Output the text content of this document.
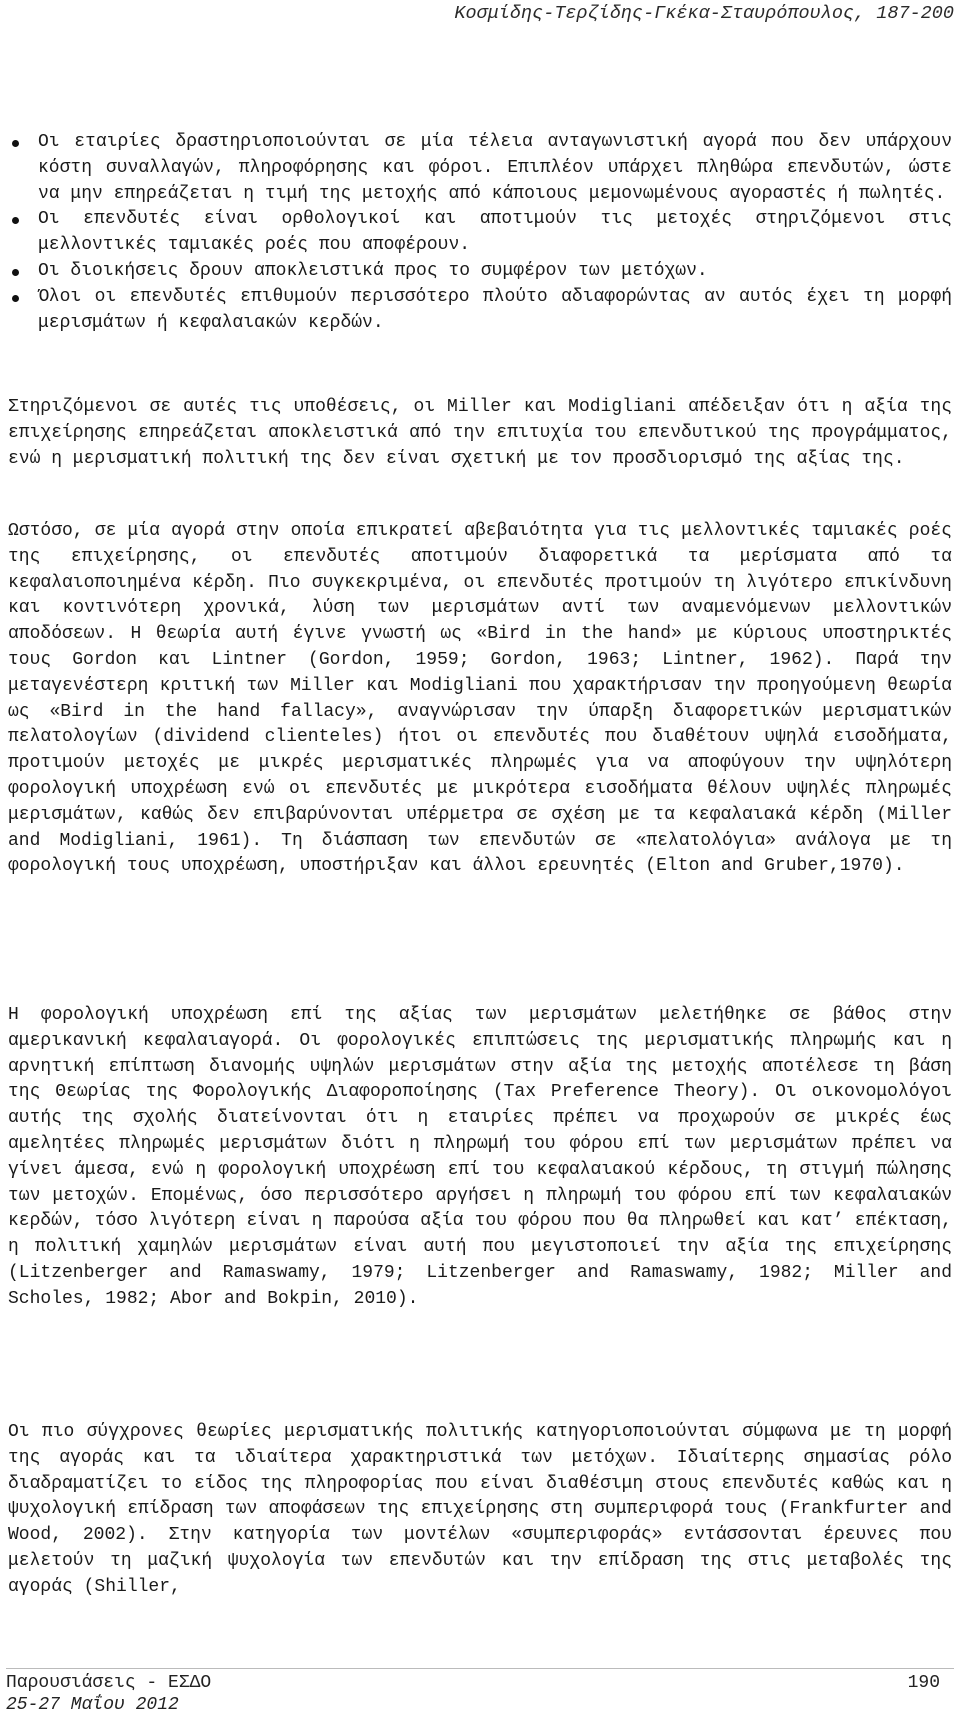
Κοσμίδης-Τερζίδης-Γκέκα-Σταυρόπουλος, 187-200
Οι εταιρίες δραστηριοποιούνται σε μία τέλεια ανταγωνιστική αγορά που δεν υπάρχουν κόστη συναλλαγών, πληροφόρησης και φόροι. Επιπλέον υπάρχει πληθώρα επενδυτών, ώστε να μην επηρεάζεται η τιμή της μετοχής από κάποιους μεμονωμένους αγοραστές ή πωλητές.
Οι επενδυτές είναι ορθολογικοί και αποτιμούν τις μετοχές στηριζόμενοι στις μελλοντικές ταμιακές ροές που αποφέρουν.
Οι διοικήσεις δρουν αποκλειστικά προς το συμφέρον των μετόχων.
Όλοι οι επενδυτές επιθυμούν περισσότερο πλούτο αδιαφορώντας αν αυτός έχει τη μορφή μερισμάτων ή κεφαλαιακών κερδών.

Στηριζόμενοι σε αυτές τις υποθέσεις, οι Miller και Modigliani απέδειξαν ότι η αξία της επιχείρησης επηρεάζεται αποκλειστικά από την επιτυχία του επενδυτικού της προγράμματος, ενώ η μερισματική πολιτική της δεν είναι σχετική με τον προσδιορισμό της αξίας της.

Ωστόσο, σε μία αγορά στην οποία επικρατεί αβεβαιότητα για τις μελλοντικές ταμιακές ροές της επιχείρησης, οι επενδυτές αποτιμούν διαφορετικά τα μερίσματα από τα κεφαλαιοποιημένα κέρδη. Πιο συγκεκριμένα, οι επενδυτές προτιμούν τη λιγότερο επικίνδυνη και κοντινότερη χρονικά, λύση των μερισμάτων αντί των αναμενόμενων μελλοντικών αποδόσεων. Η θεωρία αυτή έγινε γνωστή ως «Bird in the hand» με κύριους υποστηρικτές τους Gordon και Lintner (Gordon, 1959; Gordon, 1963; Lintner, 1962). Παρά την μεταγενέστερη κριτική των Miller και Modigliani που χαρακτήρισαν την προηγούμενη θεωρία ως «Bird in the hand fallacy», αναγνώρισαν την ύπαρξη διαφορετικών μερισματικών πελατολογίων (dividend clienteles) ήτοι οι επενδυτές που διαθέτουν υψηλά εισοδήματα, προτιμούν μετοχές με μικρές μερισματικές πληρωμές για να αποφύγουν την υψηλότερη φορολογική υποχρέωση ενώ οι επενδυτές με μικρότερα εισοδήματα θέλουν υψηλές πληρωμές μερισμάτων, καθώς δεν επιβαρύνονται υπέρμετρα σε σχέση με τα κεφαλαιακά κέρδη (Miller and Modigliani, 1961). Τη διάσπαση των επενδυτών σε «πελατολόγια» ανάλογα με τη φορολογική τους υποχρέωση, υποστήριξαν και άλλοι ερευνητές (Elton and Gruber,1970).

Η φορολογική υποχρέωση επί της αξίας των μερισμάτων μελετήθηκε σε βάθος στην αμερικανική κεφαλαιαγορά. Οι φορολογικές επιπτώσεις της μερισματικής πληρωμής και η αρνητική επίπτωση διανομής υψηλών μερισμάτων στην αξία της μετοχής αποτέλεσε τη βάση της Θεωρίας της Φορολογικής Διαφοροποίησης (Tax Preference Theory). Οι οικονομολόγοι αυτής της σχολής διατείνονται ότι η εταιρίες πρέπει να προχωρούν σε μικρές έως αμελητέες πληρωμές μερισμάτων διότι η πληρωμή του φόρου επί των μερισμάτων πρέπει να γίνει άμεσα, ενώ η φορολογική υποχρέωση επί του κεφαλαιακού κέρδους, τη στιγμή πώλησης των μετοχών. Επομένως, όσο περισσότερο αργήσει η πληρωμή του φόρου επί των κεφαλαιακών κερδών, τόσο λιγότερη είναι η παρούσα αξία του φόρου που θα πληρωθεί και κατ’ επέκταση, η πολιτική χαμηλών μερισμάτων είναι αυτή που μεγιστοποιεί την αξία της επιχείρησης (Litzenberger and Ramaswamy, 1979; Litzenberger and Ramaswamy, 1982; Miller and Scholes, 1982; Abor and Bokpin, 2010).

Οι πιο σύγχρονες θεωρίες μερισματικής πολιτικής κατηγοριοποιούνται σύμφωνα με τη μορφή της αγοράς και τα ιδιαίτερα χαρακτηριστικά των μετόχων. Ιδιαίτερης σημασίας ρόλο διαδραματίζει το είδος της πληροφορίας που είναι διαθέσιμη στους επενδυτές καθώς και η ψυχολογική επίδραση των αποφάσεων της επιχείρησης στη συμπεριφορά τους (Frankfurter and Wood, 2002). Στην κατηγορία των μοντέλων «συμπεριφοράς» εντάσσονται έρευνες που μελετούν τη μαζική ψυχολογία των επενδυτών και την επίδραση της στις μεταβολές της αγοράς (Shiller,

Παρουσιάσεις - ΕΣΔΟ
25-27 Μαΐου 2012
190
